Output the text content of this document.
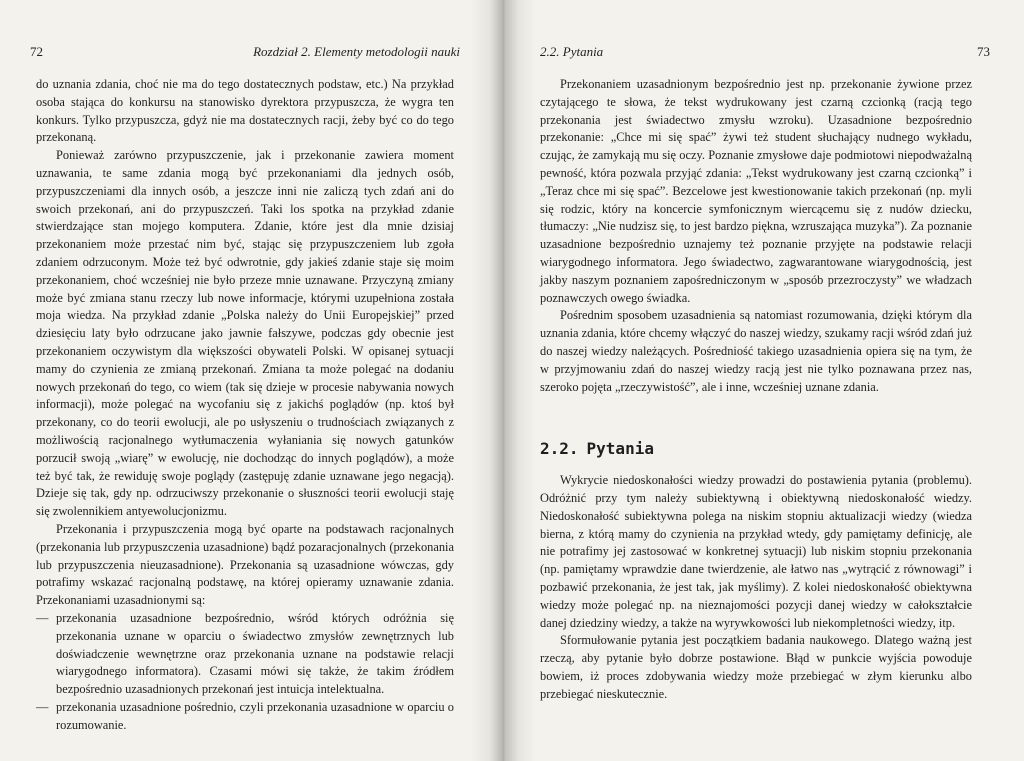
72	Rozdział 2. Elementy metodologii nauki	2.2. Pytania	73

do uznania zdania, choć nie ma do tego dostatecznych podstaw, etc.) Na przykład osoba stająca do konkursu na stanowisko dyrektora przypuszcza, że wygra ten konkurs. Tylko przypuszcza, gdyż nie ma dostatecznych racji, żeby być co do tego przekonaną.

Ponieważ zarówno przypuszczenie, jak i przekonanie zawiera moment uznawania, te same zdania mogą być przekonaniami dla jednych osób, przypuszczeniami dla innych osób, a jeszcze inni nie zaliczą tych zdań ani do swoich przekonań, ani do przypuszczeń. Taki los spotka na przykład zdanie stwierdzające stan mojego komputera. Zdanie, które jest dla mnie dzisiaj przekonaniem może przestać nim być, stając się przypuszczeniem lub zgoła zdaniem odrzuconym. Może też być odwrotnie, gdy jakieś zdanie staje się moim przekonaniem, choć wcześniej nie było przeze mnie uznawane. Przyczyną zmiany może być zmiana stanu rzeczy lub nowe informacje, którymi uzupełniona została moja wiedza. Na przykład zdanie „Polska należy do Unii Europejskiej” przed dziesięciu laty było odrzucane jako jawnie fałszywe, podczas gdy obecnie jest przekonaniem oczywistym dla większości obywateli Polski. W opisanej sytuacji mamy do czynienia ze zmianą przekonań. Zmiana ta może polegać na dodaniu nowych przekonań do tego, co wiem (tak się dzieje w procesie nabywania nowych informacji), może polegać na wycofaniu się z jakichś poglądów (np. ktoś był przekonany, co do teorii ewolucji, ale po usłyszeniu o trudnościach związanych z możliwością racjonalnego wytłumaczenia wyłaniania się nowych gatunków porzucił swoją „wiarę” w ewolucję, nie dochodząc do innych poglądów), a może też być tak, że rewiduję swoje poglądy (zastępuję zdanie uznawane jego negacją). Dzieje się tak, gdy np. odrzuciwszy przekonanie o słuszności teorii ewolucji staję się zwolennikiem antyewolucjonizmu.

Przekonania i przypuszczenia mogą być oparte na podstawach racjonalnych (przekonania lub przypuszczenia uzasadnione) bądź pozaracjonalnych (przekonania lub przypuszczenia nieuzasadnione). Przekonania są uzasadnione wówczas, gdy potrafimy wskazać racjonalną podstawę, na której opieramy uznawanie zdania. Przekonaniami uzasadnionymi są:

— przekonania uzasadnione bezpośrednio, wśród których odróżnia się przekonania uznane w oparciu o świadectwo zmysłów zewnętrznych lub doświadczenie wewnętrzne oraz przekonania uznane na podstawie relacji wiarygodnego informatora). Czasami mówi się także, że takim źródłem bezpośrednio uzasadnionych przekonań jest intuicja intelektualna.
— przekonania uzasadnione pośrednio, czyli przekonania uzasadnione w oparciu o rozumowanie.

Przekonaniem uzasadnionym bezpośrednio jest np. przekonanie żywione przez czytającego te słowa, że tekst wydrukowany jest czarną czcionką (racją tego przekonania jest świadectwo zmysłu wzroku). Uzasadnione bezpośrednio przekonanie: „Chce mi się spać” żywi też student słuchający nudnego wykładu, czując, że zamykają mu się oczy. Poznanie zmysłowe daje podmiotowi niepodważalną pewność, która pozwala przyjąć zdania: „Tekst wydrukowany jest czarną czcionką” i „Teraz chce mi się spać”. Bezcelowe jest kwestionowanie takich przekonań (np. myli się rodzic, który na koncercie symfonicznym wiercącemu się z nudów dziecku, tłumaczy: „Nie nudzisz się, to jest bardzo piękna, wzruszająca muzyka”). Za poznanie uzasadnione bezpośrednio uznajemy też poznanie przyjęte na podstawie relacji wiarygodnego informatora. Jego świadectwo, zagwarantowane wiarygodnością, jest jakby naszym poznaniem zapośredniczonym w „sposób przezroczysty” we władzach poznawczych owego świadka.

Pośrednim sposobem uzasadnienia są natomiast rozumowania, dzięki którym dla uznania zdania, które chcemy włączyć do naszej wiedzy, szukamy racji wśród zdań już do naszej wiedzy należących. Pośredniość takiego uzasadnienia opiera się na tym, że w przyjmowaniu zdań do naszej wiedzy racją jest nie tylko poznawana przez nas, szeroko pojęta „rzeczywistość”, ale i inne, wcześniej uznane zdania.

2.2. Pytania

Wykrycie niedoskonałości wiedzy prowadzi do postawienia pytania (problemu). Odróżnić przy tym należy subiektywną i obiektywną niedoskonałość wiedzy. Niedoskonałość subiektywna polega na niskim stopniu aktualizacji wiedzy (wiedza bierna, z którą mamy do czynienia na przykład wtedy, gdy pamiętamy definicję, ale nie potrafimy jej zastosować w konkretnej sytuacji) lub niskim stopniu przekonania (np. pamiętamy wprawdzie dane twierdzenie, ale łatwo nas „wytrącić z równowagi” i pozbawić przekonania, że jest tak, jak myślimy). Z kolei niedoskonałość obiektywna wiedzy może polegać np. na nieznajomości pozycji danej wiedzy w całokształcie danej dziedziny wiedzy, a także na wyrywkowości lub niekompletności wiedzy, itp.

Sformułowanie pytania jest początkiem badania naukowego. Dlatego ważną jest rzeczą, aby pytanie było dobrze postawione. Błąd w punkcie wyjścia powoduje bowiem, iż proces zdobywania wiedzy może przebiegać w złym kierunku albo przebiegać nieskutecznie.
